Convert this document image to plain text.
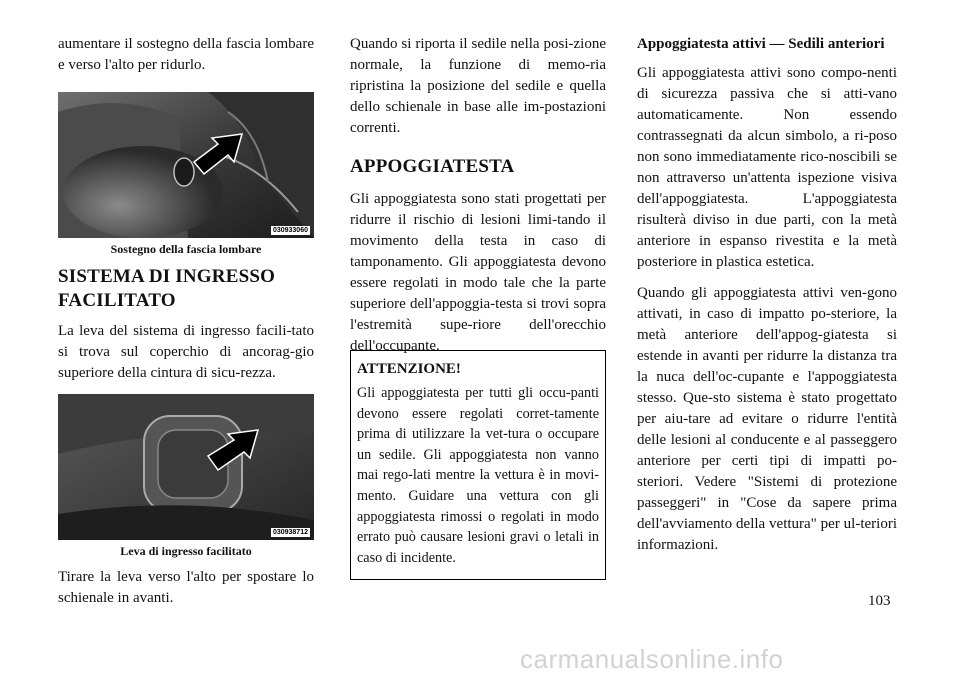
aumentare il sostegno della fascia lombare e verso l'alto per ridurlo.

030933060
Sostegno della fascia lombare
SISTEMA DI INGRESSO FACILITATO

La leva del sistema di ingresso facili-tato si trova sul coperchio di ancorag-gio superiore della cintura di sicu-rezza.

030938712
Leva di ingresso facilitato

Tirare la leva verso l'alto per spostare lo schienale in avanti.

Quando si riporta il sedile nella posi-zione normale, la funzione di memo-ria ripristina la posizione del sedile e quella dello schienale in base alle im-postazioni correnti.

APPOGGIATESTA

Gli appoggiatesta sono stati progettati per ridurre il rischio di lesioni limi-tando il movimento della testa in caso di tamponamento. Gli appoggiatesta devono essere regolati in modo tale che la parte superiore dell'appoggia-testa si trovi sopra l'estremità supe-riore dell'orecchio dell'occupante.

ATTENZIONE!

Gli appoggiatesta per tutti gli occu-panti devono essere regolati corret-tamente prima di utilizzare la vet-tura o occupare un sedile. Gli appoggiatesta non vanno mai rego-lati mentre la vettura è in movi-mento. Guidare una vettura con gli appoggiatesta rimossi o regolati in modo errato può causare lesioni gravi o letali in caso di incidente.

Appoggiatesta attivi — Sedili anteriori

Gli appoggiatesta attivi sono compo-nenti di sicurezza passiva che si atti-vano automaticamente. Non essendo contrassegnati da alcun simbolo, a ri-poso non sono immediatamente rico-noscibili se non attraverso un'attenta ispezione visiva dell'appoggiatesta. L'appoggiatesta risulterà diviso in due parti, con la metà anteriore in espanso rivestita e la metà posteriore in plastica estetica.

Quando gli appoggiatesta attivi ven-gono attivati, in caso di impatto po-steriore, la metà anteriore dell'appog-giatesta si estende in avanti per ridurre la distanza tra la nuca dell'oc-cupante e l'appoggiatesta stesso. Que-sto sistema è stato progettato per aiu-tare ad evitare o ridurre l'entità delle lesioni al conducente e al passeggero anteriore per certi tipi di impatti po-steriori. Vedere "Sistemi di protezione passeggeri" in "Cose da sapere prima dell'avviamento della vettura" per ul-teriori informazioni.

103
carmanualsonline.info
